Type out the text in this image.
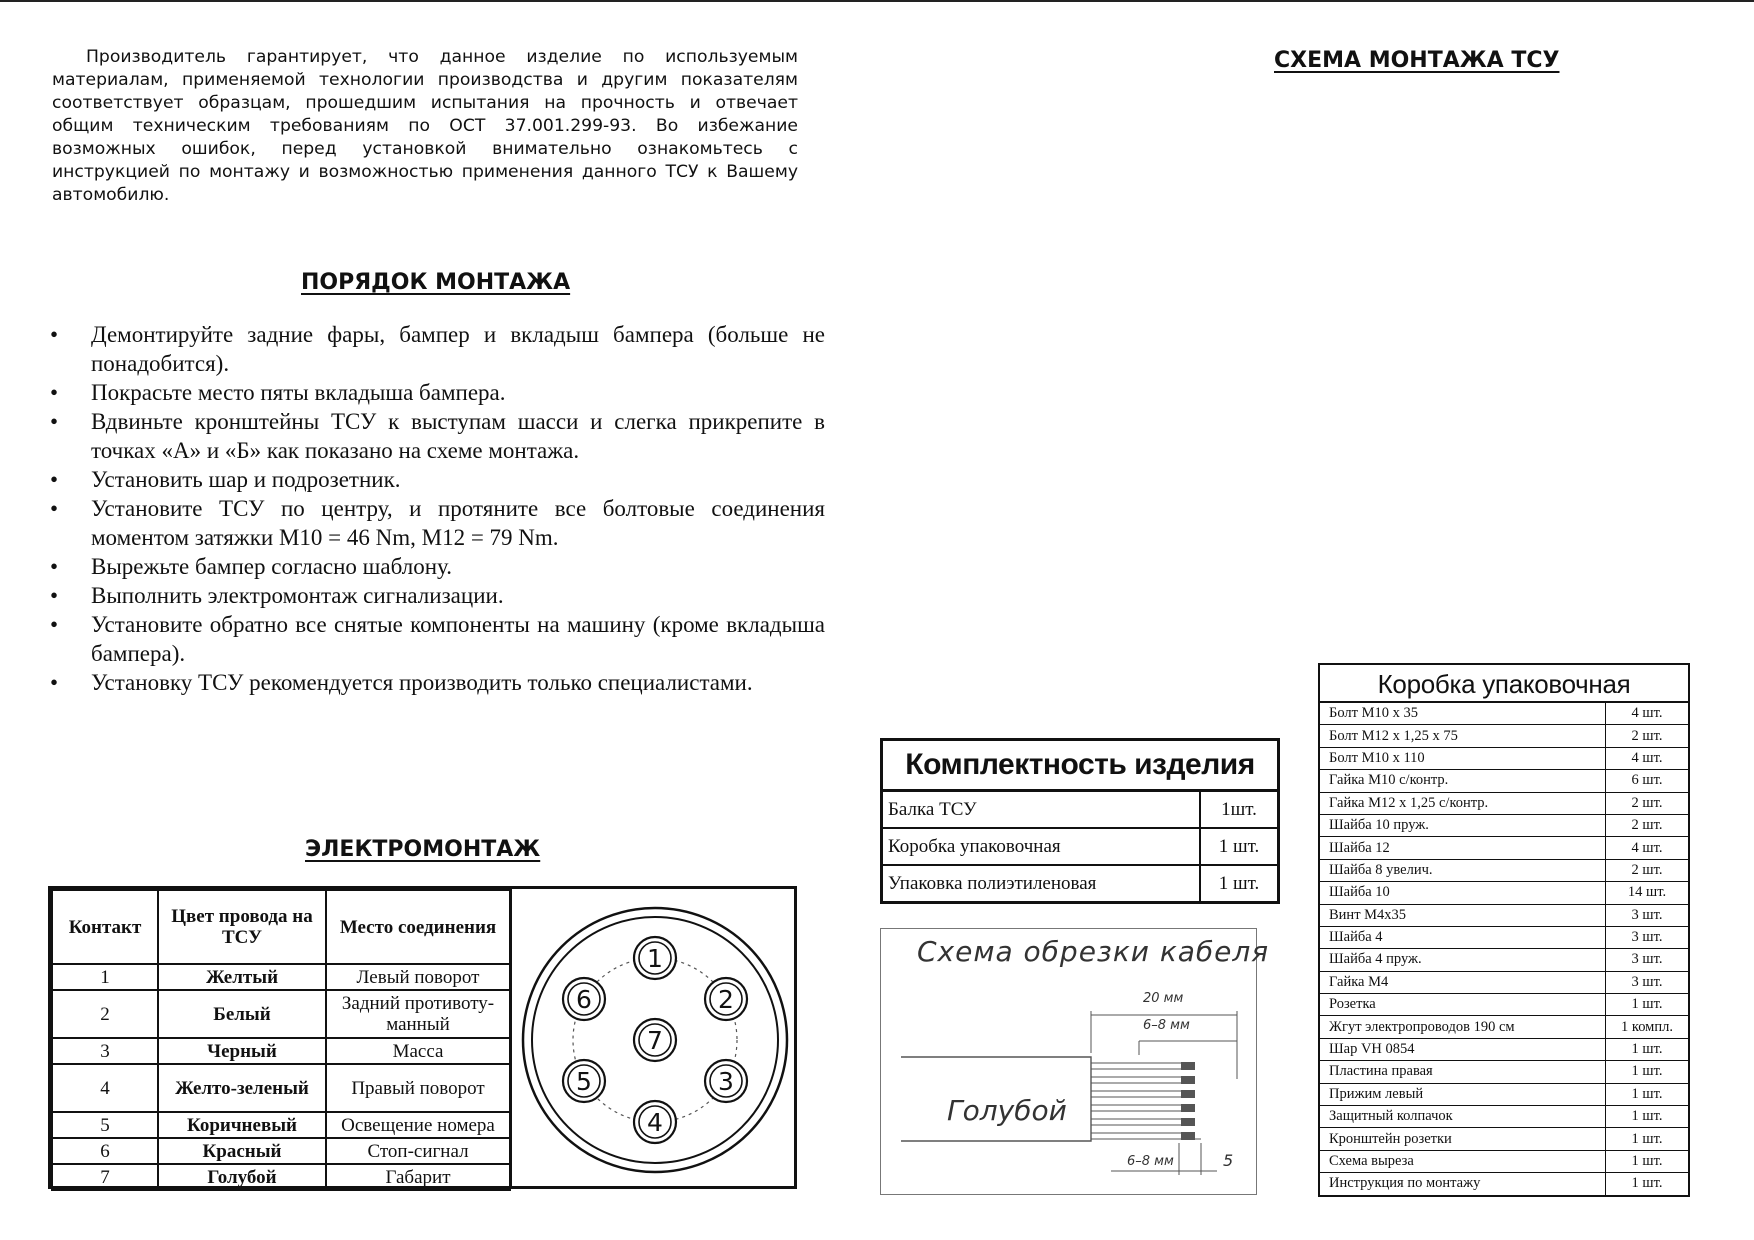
Производитель гарантирует, что данное изделие по используемым материалам, применяемой технологии производства и другим показателям соответствует образцам, прошедшим испытания на прочность и отвечает общим техническим требованиям по ОСТ 37.001.299-93. Во избежание возможных ошибок, перед установкой внимательно ознакомьтесь с инструкцией по монтажу и возможностью применения данного ТСУ к Вашему автомобилю.

ПОРЯДОК МОНТАЖА
• Демонтируйте задние фары, бампер и вкладыш бампера (больше не понадобится).
• Покрасьте место пяты вкладыша бампера.
• Вдвиньте кронштейны ТСУ к выступам шасси и слегка прикрепите в точках «А» и «Б» как показано на схеме монтажа.
• Установить шар и подрозетник.
• Установите ТСУ по центру, и протяните все болтовые соединения моментом затяжки M10 = 46 Nm, M12 = 79 Nm.
• Вырежьте бампер согласно шаблону.
• Выполнить электромонтаж сигнализации.
• Установите обратно все снятые компоненты на машину (кроме вкладыша бампера).
• Установку ТСУ рекомендуется производить только специалистами.
ЭЛЕКТРОМОНТАЖ
Контакт	Цвет провода на ТСУ	Место соединения
1	Желтый	Левый поворот
2	Белый	Задний противоту-манный
3	Черный	Масса
4	Желто-зеленый	Правый поворот
5	Коричневый	Освещение номера
6	Красный	Стоп-сигнал
7	Голубой	Габарит
1
2
3
4
5
6
7
СХЕМА МОНТАЖА ТСУ
Комплектность изделия
Балка ТСУ	1шт.
Коробка упаковочная	1 шт.
Упаковка полиэтиленовая	1 шт.
Схема обрезки кабеля
Голубой
20 мм
6–8 мм
6–8 мм	5
Коробка упаковочная
Болт M10 x 35	4 шт.
Болт M12 x 1,25 x 75	2 шт.
Болт M10 x 110	4 шт.
Гайка M10 с/контр.	6 шт.
Гайка M12 x 1,25 с/контр.	2 шт.
Шайба 10 пруж.	2 шт.
Шайба 12	4 шт.
Шайба 8 увелич.	2 шт.
Шайба 10	14 шт.
Винт M4x35	3 шт.
Шайба 4	3 шт.
Шайба 4 пруж.	3 шт.
Гайка M4	3 шт.
Розетка	1 шт.
Жгут электропроводов 190 см	1 компл.
Шар VH 0854	1 шт.
Пластина правая	1 шт.
Прижим левый	1 шт.
Защитный колпачок	1 шт.
Кронштейн розетки	1 шт.
Схема выреза	1 шт.
Инструкция по монтажу	1 шт.
